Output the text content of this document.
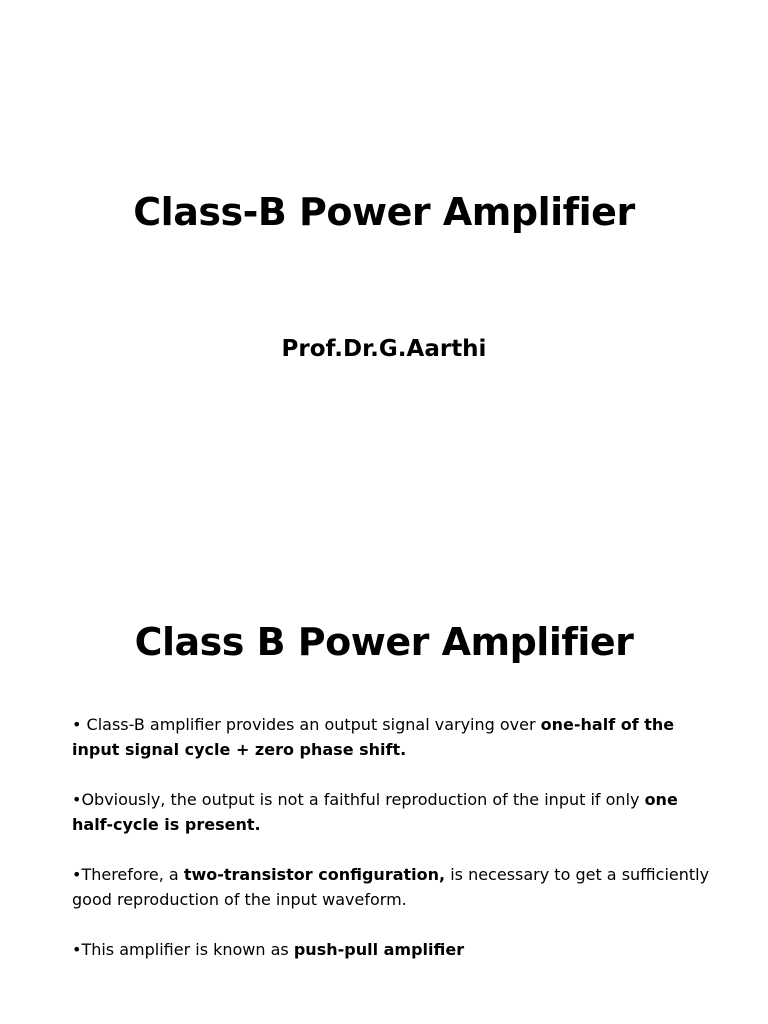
Class-B Power Amplifier
Prof.Dr.G.Aarthi
Class B Power Amplifier

• Class-B amplifier provides an output signal varying over one-half of the input signal cycle + zero phase shift.

•Obviously, the output is not a faithful reproduction of the input if only one half-cycle is present.

•Therefore, a two-transistor configuration, is necessary to get a sufficiently good reproduction of the input waveform.

•This amplifier is known as push-pull amplifier
